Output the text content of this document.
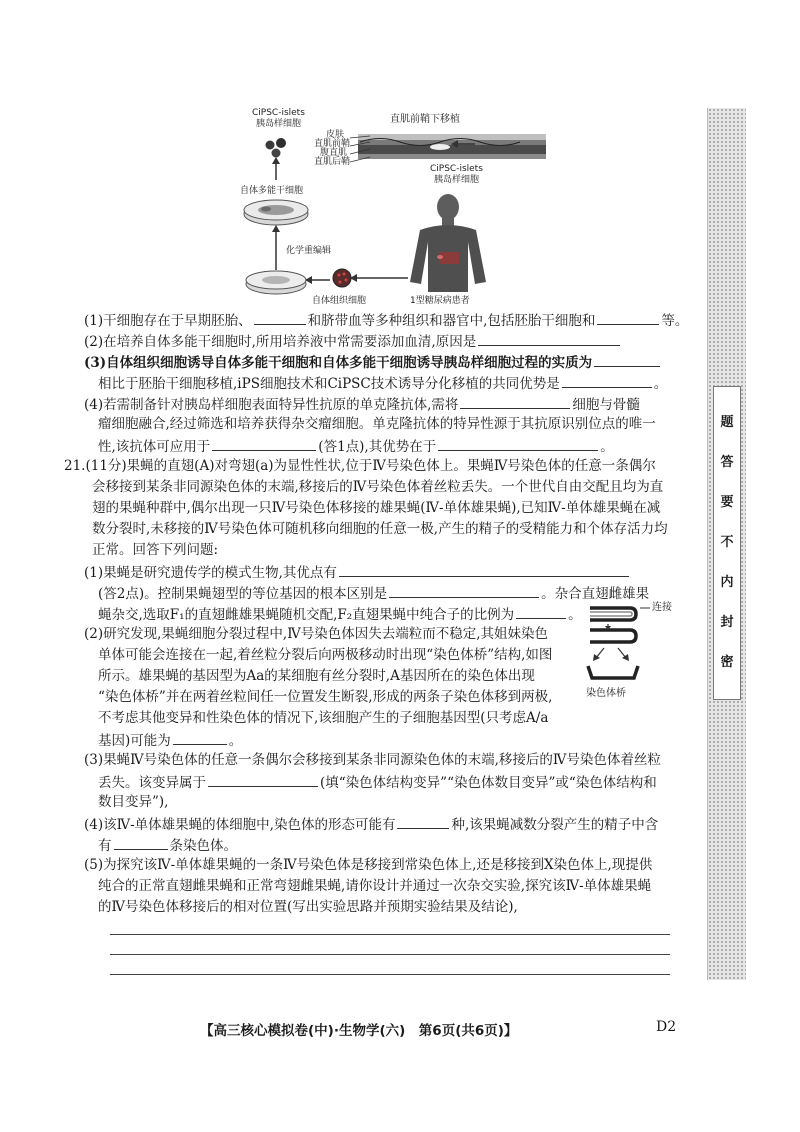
CiPSC-islets
胰岛样细胞	直肌前鞘下移植
皮肤
直肌前鞘
腹直肌
直肌后鞘
CiPSC-islets
胰岛样细胞
自体多能干细胞
化学重编辑
自体组织细胞	1型糖尿病患者
(1)干细胞存在于早期胚胎、	和脐带血等多种组织和器官中,包括胚胎干细胞和	等。
(2)在培养自体多能干细胞时,所用培养液中常需要添加血清,原因是
(3)自体组织细胞诱导自体多能干细胞和自体多能干细胞诱导胰岛样细胞过程的实质为
相比于胚胎干细胞移植,iPS细胞技术和CiPSC技术诱导分化移植的共同优势是	。
(4)若需制备针对胰岛样细胞表面特异性抗原的单克隆抗体,需将	细胞与骨髓
瘤细胞融合,经过筛选和培养获得杂交瘤细胞。单克隆抗体的特异性源于其抗原识别位点的唯一
性,该抗体可应用于	(答1点),其优势在于	。
21.(11分)果蝇的直翅(A)对弯翅(a)为显性性状,位于Ⅳ号染色体上。果蝇Ⅳ号染色体的任意一条偶尔
会移接到某条非同源染色体的末端,移接后的Ⅳ号染色体着丝粒丢失。一个世代自由交配且均为直
翅的果蝇种群中,偶尔出现一只Ⅳ号染色体移接的雄果蝇(Ⅳ-单体雄果蝇),已知Ⅳ-单体雄果蝇在减
数分裂时,未移接的Ⅳ号染色体可随机移向细胞的任意一极,产生的精子的受精能力和个体存活力均
正常。回答下列问题:
(1)果蝇是研究遗传学的模式生物,其优点有
(答2点)。控制果蝇翅型的等位基因的根本区别是	。杂合直翅雌雄果
蝇杂交,选取F₁的直翅雌雄果蝇随机交配,F₂直翅果蝇中纯合子的比例为	。
(2)研究发现,果蝇细胞分裂过程中,Ⅳ号染色体因失去端粒而不稳定,其姐妹染色
单体可能会连接在一起,着丝粒分裂后向两极移动时出现“染色体桥”结构,如图
所示。雄果蝇的基因型为Aa的某细胞有丝分裂时,A基因所在的染色体出现
“染色体桥”并在两着丝粒间任一位置发生断裂,形成的两条子染色体移到两极,
不考虑其他变异和性染色体的情况下,该细胞产生的子细胞基因型(只考虑A/a
基因)可能为	。
连接
染色体桥
(3)果蝇Ⅳ号染色体的任意一条偶尔会移接到某条非同源染色体的末端,移接后的Ⅳ号染色体着丝粒
丢失。该变异属于	(填“染色体结构变异”“染色体数目变异”或“染色体结构和
数目变异”),
(4)该Ⅳ-单体雄果蝇的体细胞中,染色体的形态可能有	种,该果蝇减数分裂产生的精子中含
有	条染色体。
(5)为探究该Ⅳ-单体雄果蝇的一条Ⅳ号染色体是移接到常染色体上,还是移接到X染色体上,现提供
纯合的正常直翅雌果蝇和正常弯翅雌果蝇,请你设计并通过一次杂交实验,探究该Ⅳ-单体雄果蝇
的Ⅳ号染色体移接后的相对位置(写出实验思路并预期实验结果及结论),
题
答
要
不
内
封
密
【高三核心模拟卷(中)·生物学(六)　第6页(共6页)】	D2
